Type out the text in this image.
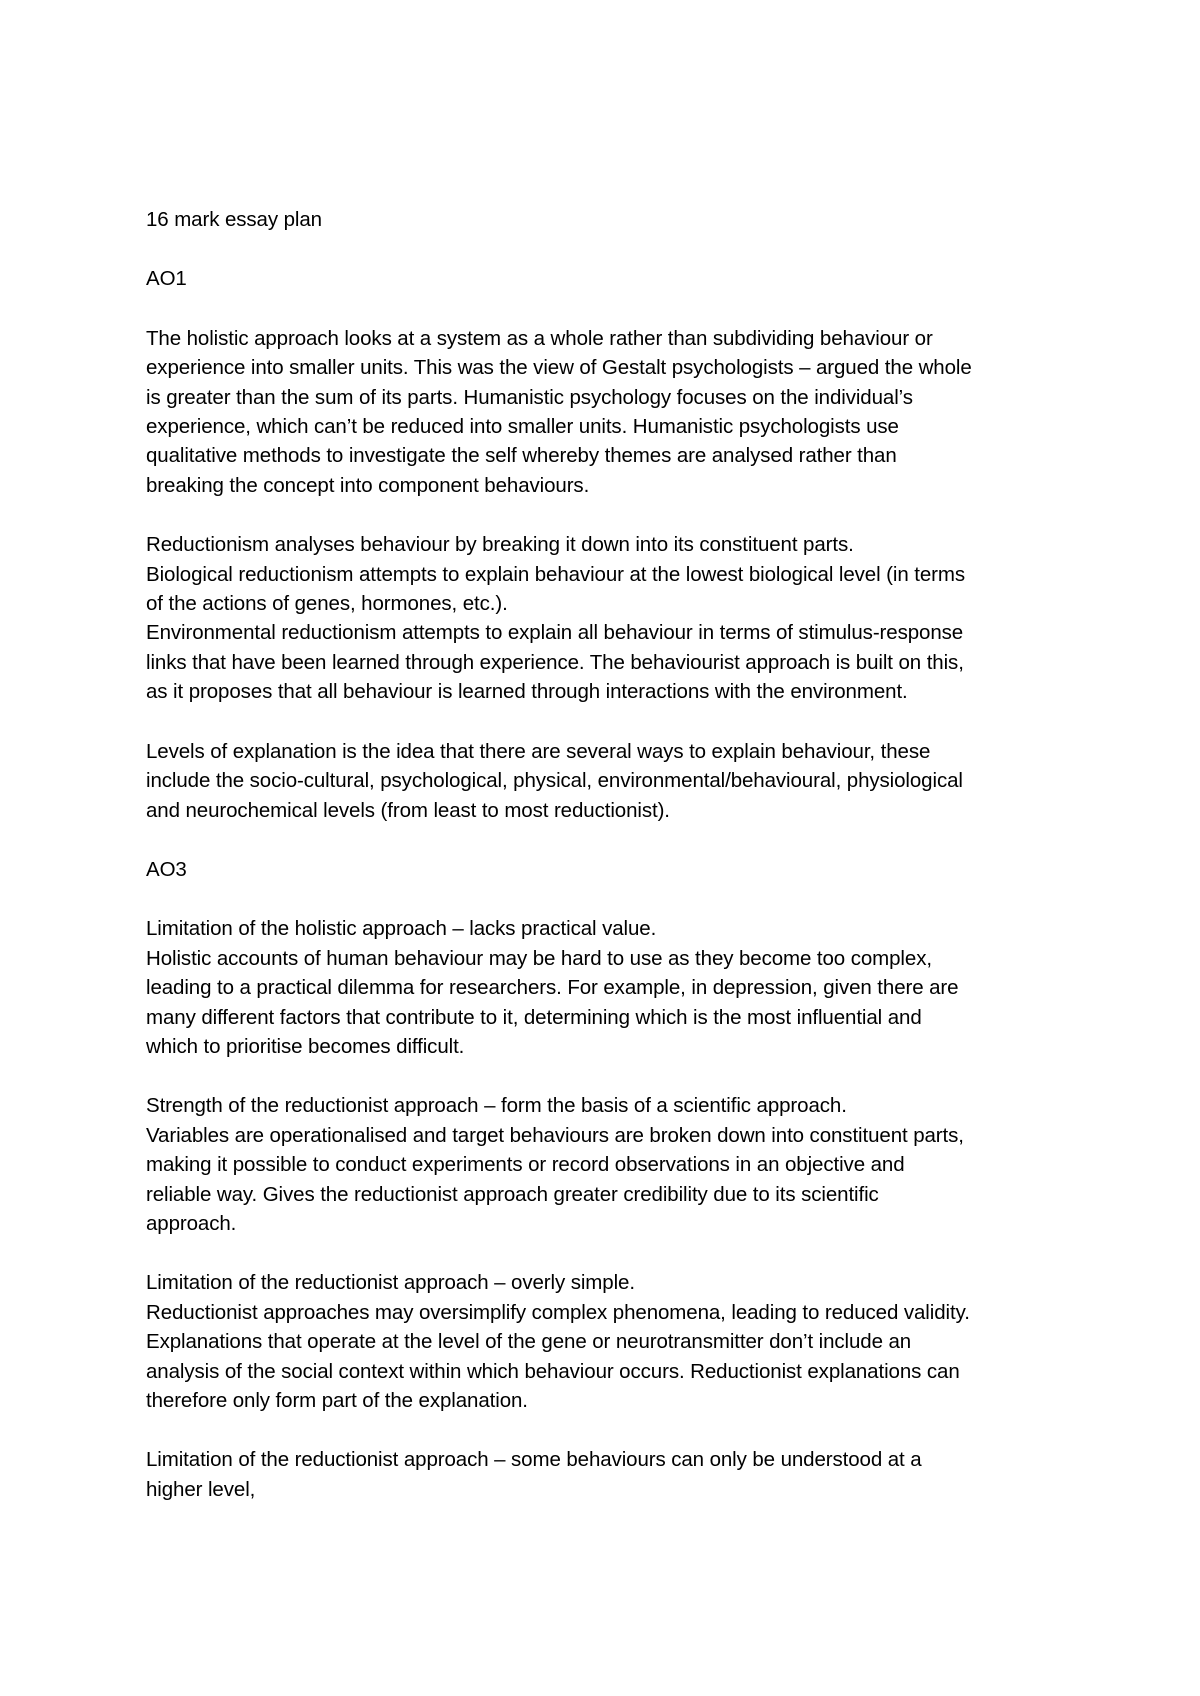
16 mark essay plan
AO1
The holistic approach looks at a system as a whole rather than subdividing behaviour or
experience into smaller units. This was the view of Gestalt psychologists – argued the whole
is greater than the sum of its parts. Humanistic psychology focuses on the individual’s
experience, which can’t be reduced into smaller units. Humanistic psychologists use
qualitative methods to investigate the self whereby themes are analysed rather than
breaking the concept into component behaviours.
Reductionism analyses behaviour by breaking it down into its constituent parts.
Biological reductionism attempts to explain behaviour at the lowest biological level (in terms
of the actions of genes, hormones, etc.).
Environmental reductionism attempts to explain all behaviour in terms of stimulus-response
links that have been learned through experience. The behaviourist approach is built on this,
as it proposes that all behaviour is learned through interactions with the environment.
Levels of explanation is the idea that there are several ways to explain behaviour, these
include the socio-cultural, psychological, physical, environmental/behavioural, physiological
and neurochemical levels (from least to most reductionist).
AO3
Limitation of the holistic approach – lacks practical value.
Holistic accounts of human behaviour may be hard to use as they become too complex,
leading to a practical dilemma for researchers. For example, in depression, given there are
many different factors that contribute to it, determining which is the most influential and
which to prioritise becomes difficult.
Strength of the reductionist approach – form the basis of a scientific approach.
Variables are operationalised and target behaviours are broken down into constituent parts,
making it possible to conduct experiments or record observations in an objective and
reliable way. Gives the reductionist approach greater credibility due to its scientific
approach.
Limitation of the reductionist approach – overly simple.
Reductionist approaches may oversimplify complex phenomena, leading to reduced validity.
Explanations that operate at the level of the gene or neurotransmitter don’t include an
analysis of the social context within which behaviour occurs. Reductionist explanations can
therefore only form part of the explanation.
Limitation of the reductionist approach – some behaviours can only be understood at a
higher level,
